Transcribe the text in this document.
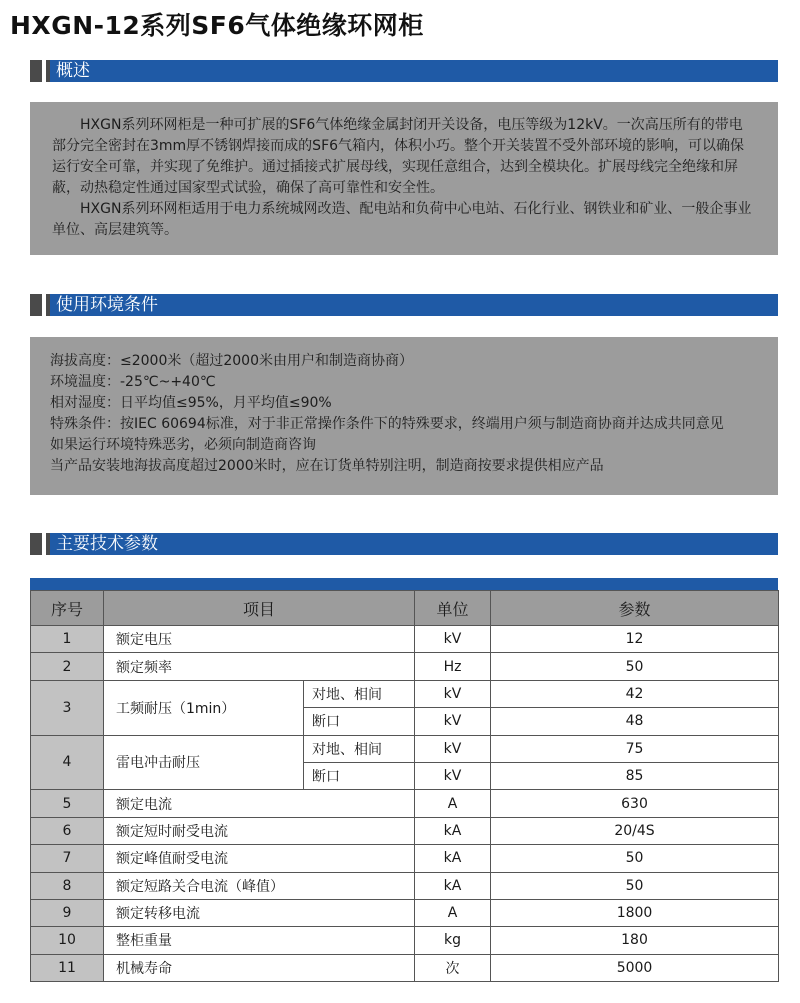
HXGN-12系列SF6气体绝缘环网柜
概述

HXGN系列环网柜是一种可扩展的SF6气体绝缘金属封闭开关设备，电压等级为12kV。一次高压所有的带电部分完全密封在3mm厚不锈钢焊接而成的SF6气箱内，体积小巧。整个开关装置不受外部环境的影响，可以确保运行安全可靠，并实现了免维护。通过插接式扩展母线，实现任意组合，达到全模块化。扩展母线完全绝缘和屏蔽，动热稳定性通过国家型式试验，确保了高可靠性和安全性。

HXGN系列环网柜适用于电力系统城网改造、配电站和负荷中心电站、石化行业、钢铁业和矿业、一般企事业单位、高层建筑等。

使用环境条件

海拔高度：≤2000米（超过2000米由用户和制造商协商）

环境温度：-25℃~+40℃

相对湿度：日平均值≤95%，月平均值≤90%

特殊条件：按IEC 60694标准，对于非正常操作条件下的特殊要求，终端用户须与制造商协商并达成共同意见

如果运行环境特殊恶劣，必须向制造商咨询

当产品安装地海拔高度超过2000米时，应在订货单特别注明，制造商按要求提供相应产品

主要技术参数
序号	项目		单位	参数
1	额定电压		kV	12
2	额定频率		Hz	50
3	工频耐压（1min）	对地、相间	kV	42
		断口	kV	48
4	雷电冲击耐压	对地、相间	kV	75
		断口	kV	85
5	额定电流		A	630
6	额定短时耐受电流		kA	20/4S
7	额定峰值耐受电流		kA	50
8	额定短路关合电流（峰值）		kA	50
9	额定转移电流		A	1800
10	整柜重量		kg	180
11	机械寿命		次	5000
